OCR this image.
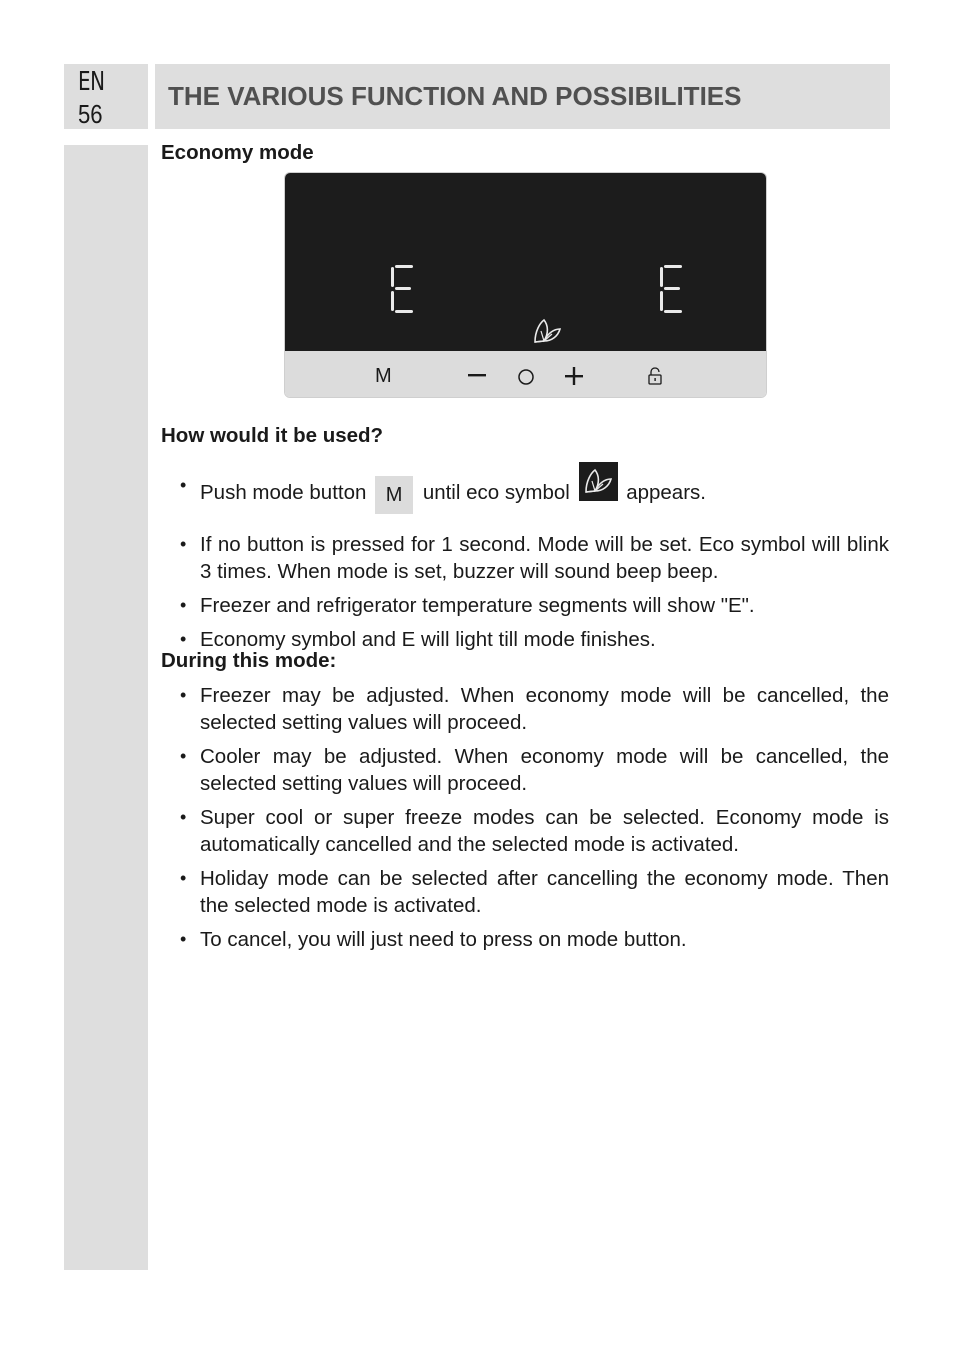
EN
56
THE VARIOUS FUNCTION AND POSSIBILITIES
Economy mode
M
How would it be used?
• Push mode button M until eco symbol	appears.
• If no button is pressed for 1 second. Mode will be set. Eco symbol will blink 3 times. When mode is set, buzzer will sound beep beep.
• Freezer and refrigerator temperature segments will show "E".
• Economy symbol and E will light till mode finishes.
During this mode:
• Freezer may be adjusted. When economy mode will be cancelled, the selected setting values will proceed.
• Cooler may be adjusted. When economy mode will be cancelled, the selected setting values will proceed.
• Super cool or super freeze modes can be selected. Economy mode is automatically cancelled and the selected mode is activated.
• Holiday mode can be selected after cancelling the economy mode. Then the selected mode is activated.
• To cancel, you will just need to press on mode button.
